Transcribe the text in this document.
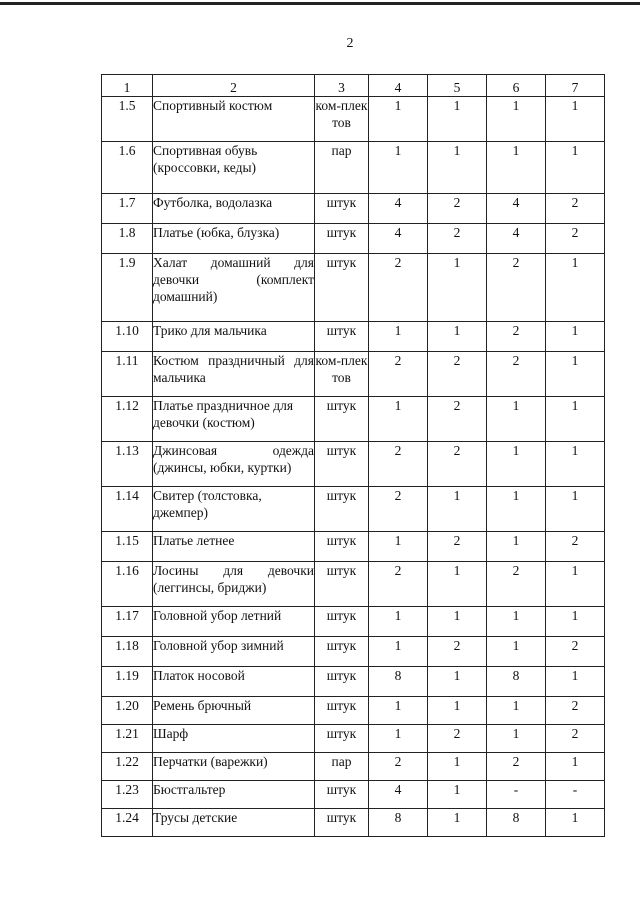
2
1	2	3	4	5	6	7
1.5	Спортивный костюм	ком-плектов	1	1	1	1
1.6	Спортивная обувь (кроссовки, кеды)	пар	1	1	1	1
1.7	Футболка, водолазка	штук	4	2	4	2
1.8	Платье (юбка, блузка)	штук	4	2	4	2
1.9	Халат домашний для девочки (комплект домашний)	штук	2	1	2	1
1.10	Трико для мальчика	штук	1	1	2	1
1.11	Костюм праздничный для мальчика	ком-плектов	2	2	2	1
1.12	Платье праздничное для девочки (костюм)	штук	1	2	1	1
1.13	Джинсовая одежда (джинсы, юбки, куртки)	штук	2	2	1	1
1.14	Свитер (толстовка, джемпер)	штук	2	1	1	1
1.15	Платье летнее	штук	1	2	1	2
1.16	Лосины для девочки (леггинсы, бриджи)	штук	2	1	2	1
1.17	Головной убор летний	штук	1	1	1	1
1.18	Головной убор зимний	штук	1	2	1	2
1.19	Платок носовой	штук	8	1	8	1
1.20	Ремень брючный	штук	1	1	1	2
1.21	Шарф	штук	1	2	1	2
1.22	Перчатки (варежки)	пар	2	1	2	1
1.23	Бюстгальтер	штук	4	1	-	-
1.24	Трусы детские	штук	8	1	8	1
